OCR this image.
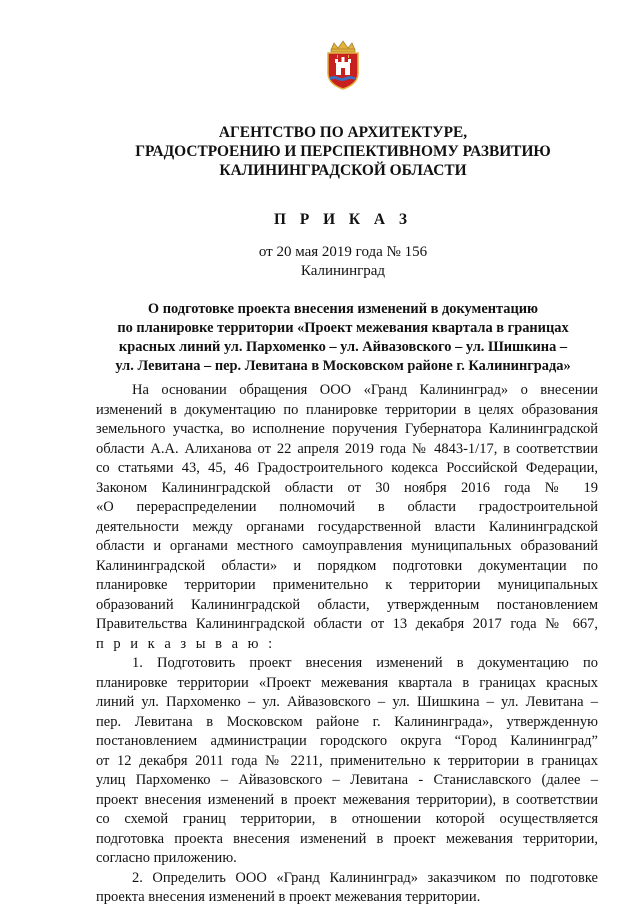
АГЕНТСТВО ПО АРХИТЕКТУРЕ,
ГРАДОСТРОЕНИЮ И ПЕРСПЕКТИВНОМУ РАЗВИТИЮ
КАЛИНИНГРАДСКОЙ ОБЛАСТИ
П Р И К А З
от 20 мая 2019 года № 156
Калининград
О подготовке проекта внесения изменений в документацию
по планировке территории «Проект межевания квартала в границах
красных линий ул. Пархоменко – ул. Айвазовского – ул. Шишкина –
ул. Левитана – пер. Левитана в Московском районе г. Калининграда»
На основании обращения ООО «Гранд Калининград» о внесении
изменений в документацию по планировке территории в целях образования
земельного участка, во исполнение поручения Губернатора Калининградской
области А.А. Алиханова от 22 апреля 2019 года № 4843-1/17, в соответствии
со статьями 43, 45, 46 Градостроительного кодекса Российской Федерации,
Законом Калининградской области от 30 ноября 2016 года № 19
«О перераспределении полномочий в области градостроительной
деятельности между органами государственной власти Калининградской
области и органами местного самоуправления муниципальных образований
Калининградской области» и порядком подготовки документации по
планировке территории применительно к территории муниципальных
образований Калининградской области, утвержденным постановлением
Правительства Калининградской области от 13 декабря 2017 года № 667,
п р и к а з ы в а ю :
1. Подготовить проект внесения изменений в документацию по
планировке территории «Проект межевания квартала в границах красных
линий ул. Пархоменко – ул. Айвазовского – ул. Шишкина – ул. Левитана –
пер. Левитана в Московском районе г. Калининграда», утвержденную
постановлением администрации городского округа “Город Калининград”
от 12 декабря 2011 года № 2211, применительно к территории в границах
улиц Пархоменко – Айвазовского – Левитана - Станиславского (далее –
проект внесения изменений в проект межевания территории), в соответствии
со схемой границ территории, в отношении которой осуществляется
подготовка проекта внесения изменений в проект межевания территории,
согласно приложению.
2. Определить ООО «Гранд Калининград» заказчиком по подготовке
проекта внесения изменений в проект межевания территории.
